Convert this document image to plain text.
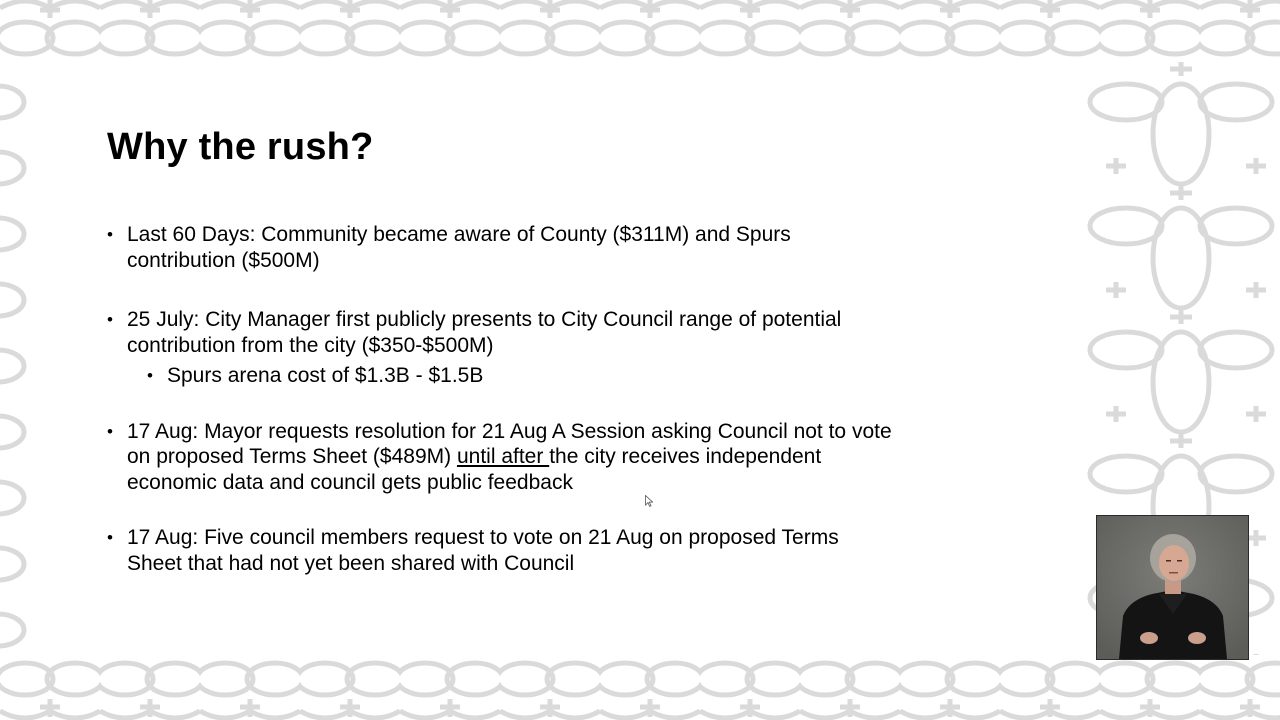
Why the rush?
• Last 60 Days: Community became aware of County ($311M) and Spurs
contribution ($500M)
• 25 July: City Manager first publicly presents to City Council range of potential
contribution from the city ($350-$500M)
• Spurs arena cost of $1.3B - $1.5B
• 17 Aug: Mayor requests resolution for 21 Aug A Session asking Council not to vote
on proposed Terms Sheet ($489M) until after the city receives independent
economic data and council gets public feedback
• 17 Aug: Five council members request to vote on 21 Aug on proposed Terms
Sheet that had not yet been shared with Council
